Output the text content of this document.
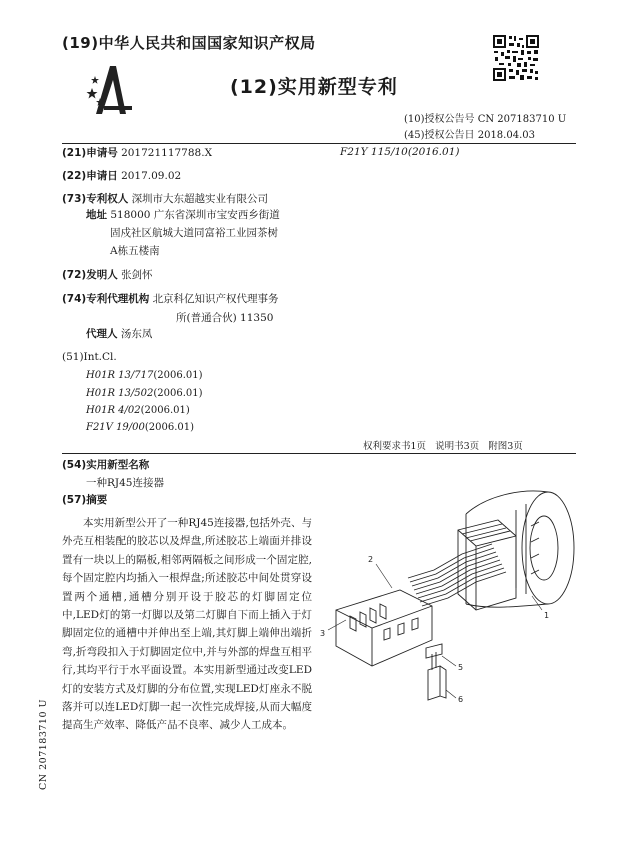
(19)中华人民共和国国家知识产权局
(12)实用新型专利
(10)授权公告号 CN 207183710 U
(45)授权公告日 2018.04.03
(21)申请号 201721117788.X	F21Y 115/10(2016.01)
(22)申请日 2017.09.02
(73)专利权人 深圳市大东超越实业有限公司
地址 518000 广东省深圳市宝安西乡街道
固戍社区航城大道同富裕工业园茶树
A栋五楼南
(72)发明人 张剑怀
(74)专利代理机构 北京科亿知识产权代理事务
所(普通合伙) 11350
代理人 汤东凤
(51)Int.Cl.
H01R 13/717(2006.01)
H01R 13/502(2006.01)
H01R 4/02(2006.01)
F21V 19/00(2006.01)
权利要求书1页   说明书3页   附图3页
(54)实用新型名称
一种RJ45连接器
(57)摘要
本实用新型公开了一种RJ45连接器,包括外壳、与外壳互相装配的胶芯以及焊盘,所述胶芯上端面并排设置有一块以上的隔板,相邻两隔板之间形成一个固定腔,每个固定腔内均插入一根焊盘;所述胶芯中间处贯穿设置两个通槽,通槽分别开设于胶芯的灯脚固定位中,LED灯的第一灯脚以及第二灯脚自下而上插入于灯脚固定位的通槽中并伸出至上端,其灯脚上端伸出端折弯,折弯段扣入于灯脚固定位中,并与外部的焊盘互相平行,其均平行于水平面设置。本实用新型通过改变LED灯的安装方式及灯脚的分布位置,实现LED灯座永不脱落并可以连LED灯脚一起一次性完成焊接,从而大幅度提高生产效率、降低产品不良率、减少人工成本。
2
1
3
5
6
CN 207183710 U
